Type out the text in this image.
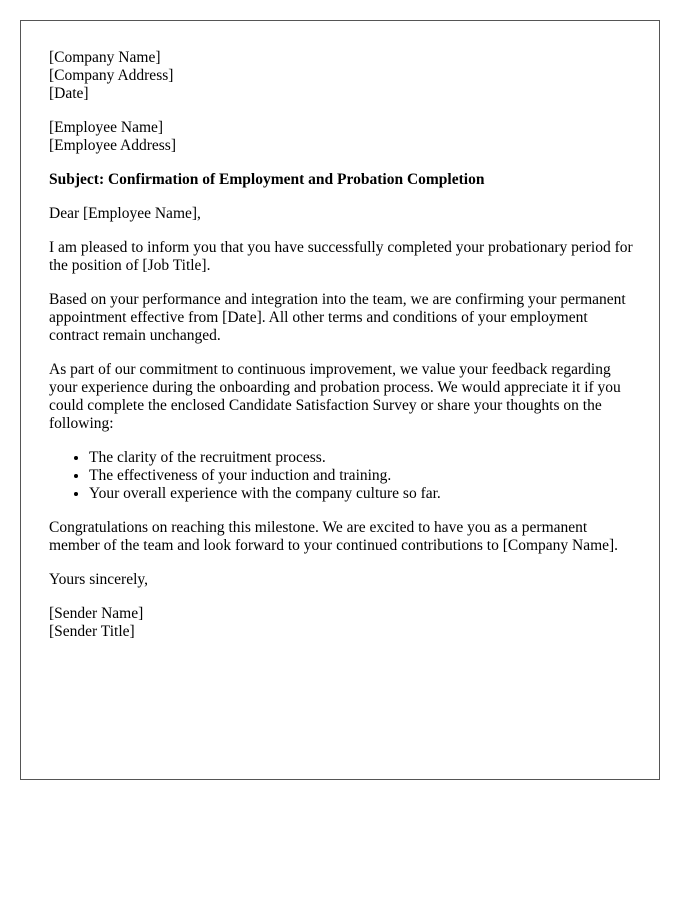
[Company Name]
[Company Address]
[Date]
[Employee Name]
[Employee Address]

Subject: Confirmation of Employment and Probation Completion

Dear [Employee Name],

I am pleased to inform you that you have successfully completed your probationary period for the position of [Job Title].

Based on your performance and integration into the team, we are confirming your permanent appointment effective from [Date]. All other terms and conditions of your employment contract remain unchanged.

As part of our commitment to continuous improvement, we value your feedback regarding your experience during the onboarding and probation process. We would appreciate it if you could complete the enclosed Candidate Satisfaction Survey or share your thoughts on the following:

• The clarity of the recruitment process.
• The effectiveness of your induction and training.
• Your overall experience with the company culture so far.

Congratulations on reaching this milestone. We are excited to have you as a permanent member of the team and look forward to your continued contributions to [Company Name].

Yours sincerely,

[Sender Name]
[Sender Title]
